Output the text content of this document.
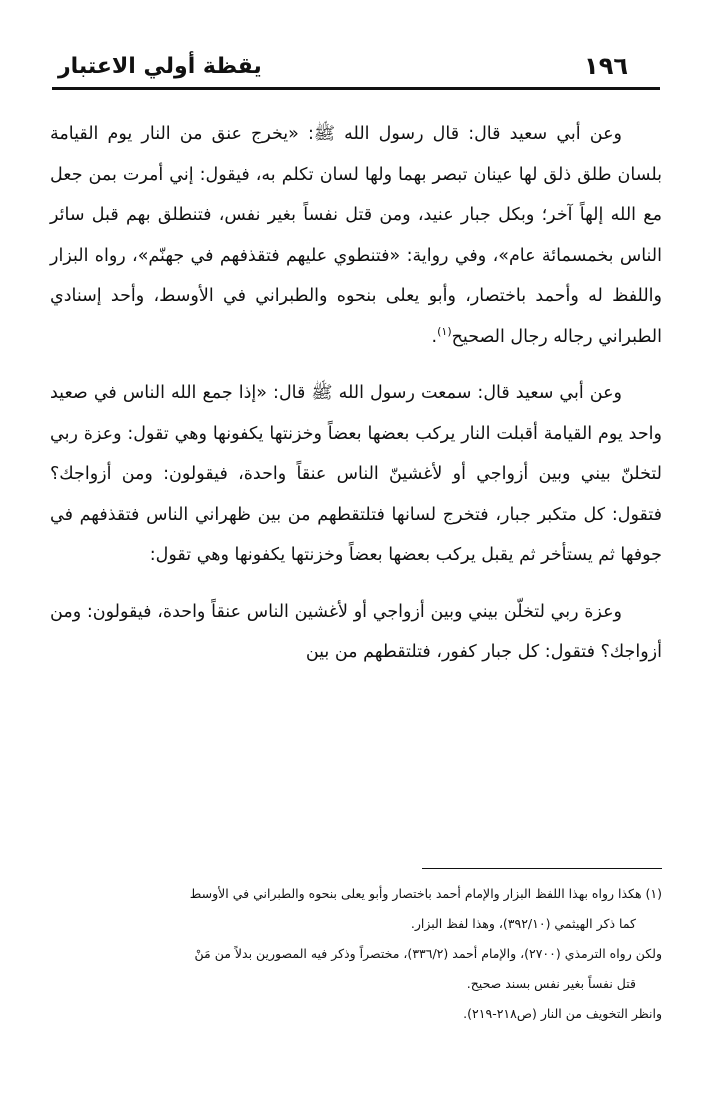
١٩٦
يقظة أولي الاعتبار

وعن أبي سعيد قال: قال رسول الله ﷺ: «يخرج عنق من النار يوم القيامة بلسان طلق ذلق لها عينان تبصر بهما ولها لسان تكلم به، فيقول: إني أمرت بمن جعل مع الله إلهاً آخر؛ وبكل جبار عنيد، ومن قتل نفساً بغير نفس، فتنطلق بهم قبل سائر الناس بخمسمائة عام»، وفي رواية: «فتنطوي عليهم فتقذفهم في جهنّم»، رواه البزار واللفظ له وأحمد باختصار، وأبو يعلى بنحوه والطبراني في الأوسط، وأحد إسنادي الطبراني رجاله رجال الصحيح$^{(١)}$.

وعن أبي سعيد قال: سمعت رسول الله ﷺ قال: «إذا جمع الله الناس في صعيد واحد يوم القيامة أقبلت النار يركب بعضها بعضاً وخزنتها يكفونها وهي تقول: وعزة ربي لتخلنّ بيني وبين أزواجي أو لأغشينّ الناس عنقاً واحدة، فيقولون: ومن أزواجك؟ فتقول: كل متكبر جبار، فتخرج لسانها فتلتقطهم من بين ظهراني الناس فتقذفهم في جوفها ثم يستأخر ثم يقبل يركب بعضها بعضاً وخزنتها يكفونها وهي تقول:

وعزة ربي لتخلّن بيني وبين أزواجي أو لأغشين الناس عنقاً واحدة، فيقولون: ومن أزواجك؟ فتقول: كل جبار كفور، فتلتقطهم من بين

(١) هكذا رواه بهذا اللفظ البزار والإمام أحمد باختصار وأبو يعلى بنحوه والطبراني في الأوسط

كما ذكر الهيثمي (٣٩٢/١٠)، وهذا لفظ البزار.

ولكن رواه الترمذي (٢٧٠٠)، والإمام أحمد (٣٣٦/٢)، مختصراً وذكر فيه المصورين بدلاً من مَنْ

قتل نفساً بغير نفس بسند صحيح.

وانظر التخويف من النار (ص٢١٨-٢١٩).
